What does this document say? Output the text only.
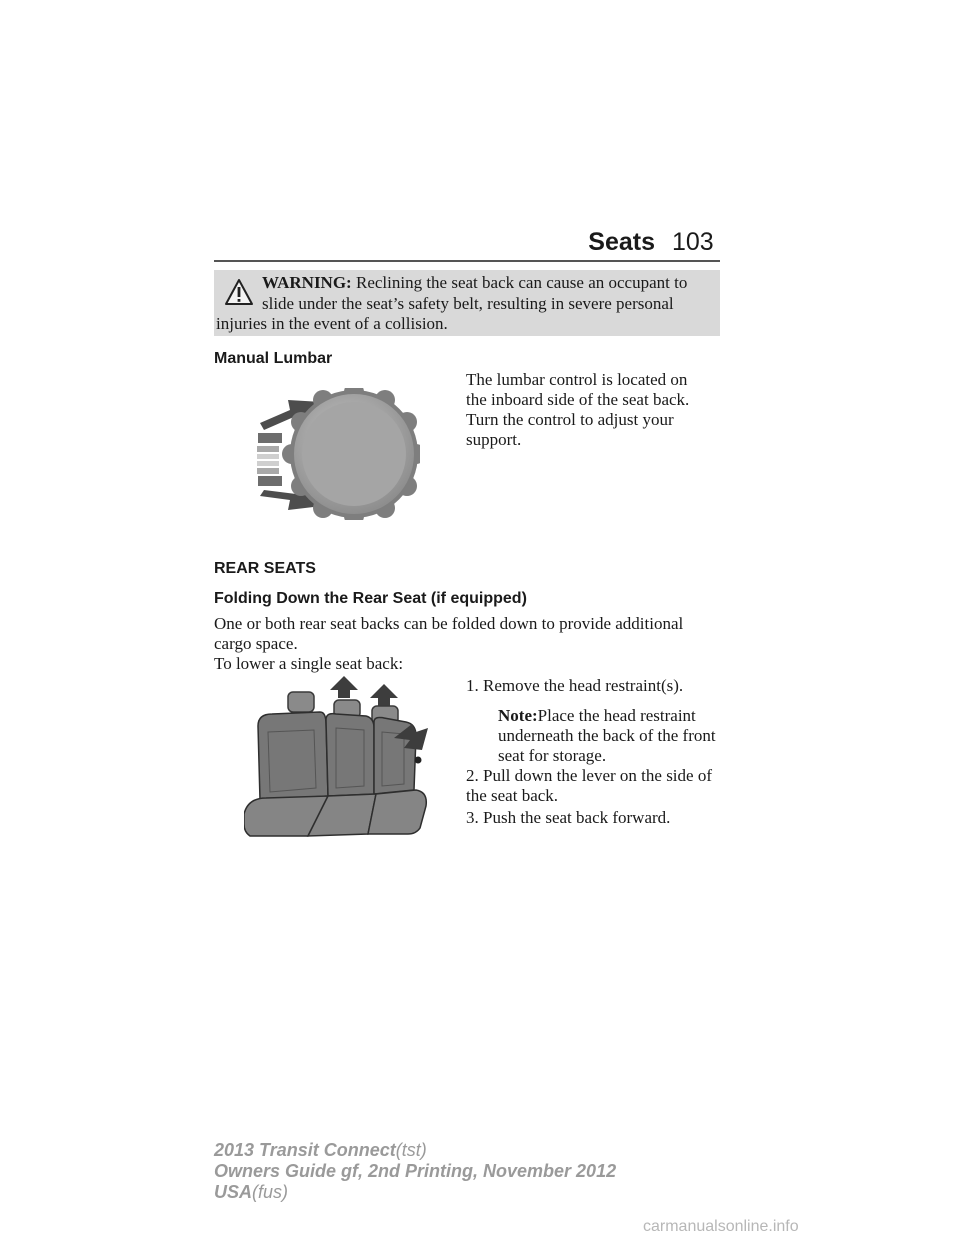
Seats 103
WARNING: Reclining the seat back can cause an occupant to
slide under the seat’s safety belt, resulting in severe personal
injuries in the event of a collision.
Manual Lumbar
The lumbar control is located on
the inboard side of the seat back.
Turn the control to adjust your
support.
REAR SEATS
Folding Down the Rear Seat (if equipped)
One or both rear seat backs can be folded down to provide additional
cargo space.
To lower a single seat back:
1. Remove the head restraint(s).
Note:Place the head restraint
underneath the back of the front
seat for storage.
2. Pull down the lever on the side of
the seat back.
3. Push the seat back forward.
2013 Transit Connect(tst)
Owners Guide gf, 2nd Printing, November 2012
USA(fus)
carmanualsonline.info
